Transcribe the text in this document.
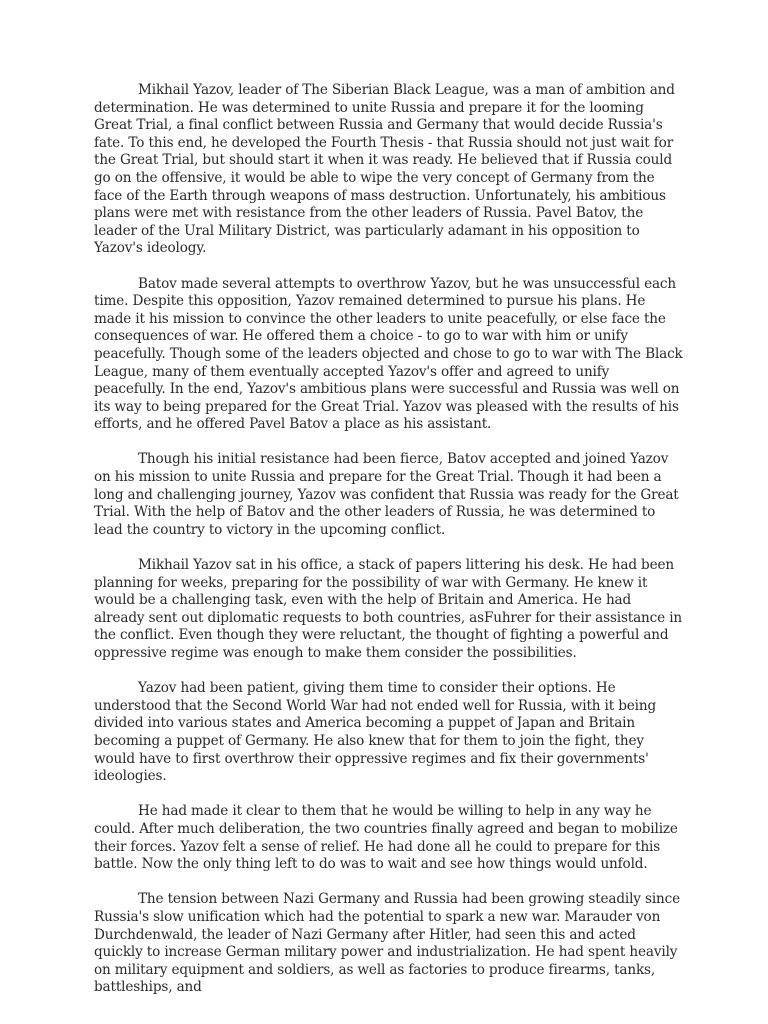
Mikhail Yazov, leader of The Siberian Black League, was a man of ambition and determination. He was determined to unite Russia and prepare it for the looming Great Trial, a final conflict between Russia and Germany that would decide Russia's fate. To this end, he developed the Fourth Thesis - that Russia should not just wait for the Great Trial, but should start it when it was ready. He believed that if Russia could go on the offensive, it would be able to wipe the very concept of Germany from the face of the Earth through weapons of mass destruction. Unfortunately, his ambitious plans were met with resistance from the other leaders of Russia. Pavel Batov, the leader of the Ural Military District, was particularly adamant in his opposition to Yazov's ideology.

Batov made several attempts to overthrow Yazov, but he was unsuccessful each time. Despite this opposition, Yazov remained determined to pursue his plans. He made it his mission to convince the other leaders to unite peacefully, or else face the consequences of war. He offered them a choice - to go to war with him or unify peacefully. Though some of the leaders objected and chose to go to war with The Black League, many of them eventually accepted Yazov's offer and agreed to unify peacefully. In the end, Yazov's ambitious plans were successful and Russia was well on its way to being prepared for the Great Trial. Yazov was pleased with the results of his efforts, and he offered Pavel Batov a place as his assistant.

Though his initial resistance had been fierce, Batov accepted and joined Yazov on his mission to unite Russia and prepare for the Great Trial. Though it had been a long and challenging journey, Yazov was confident that Russia was ready for the Great Trial. With the help of Batov and the other leaders of Russia, he was determined to lead the country to victory in the upcoming conflict.

Mikhail Yazov sat in his office, a stack of papers littering his desk. He had been planning for weeks, preparing for the possibility of war with Germany. He knew it would be a challenging task, even with the help of Britain and America. He had already sent out diplomatic requests to both countries, asFuhrer for their assistance in the conflict. Even though they were reluctant, the thought of fighting a powerful and oppressive regime was enough to make them consider the possibilities.

Yazov had been patient, giving them time to consider their options. He understood that the Second World War had not ended well for Russia, with it being divided into various states and America becoming a puppet of Japan and Britain becoming a puppet of Germany. He also knew that for them to join the fight, they would have to first overthrow their oppressive regimes and fix their governments' ideologies.

He had made it clear to them that he would be willing to help in any way he could. After much deliberation, the two countries finally agreed and began to mobilize their forces. Yazov felt a sense of relief. He had done all he could to prepare for this battle. Now the only thing left to do was to wait and see how things would unfold.

The tension between Nazi Germany and Russia had been growing steadily since Russia's slow unification which had the potential to spark a new war. Marauder von Durchdenwald, the leader of Nazi Germany after Hitler, had seen this and acted quickly to increase German military power and industrialization. He had spent heavily on military equipment and soldiers, as well as factories to produce firearms, tanks, battleships, and
